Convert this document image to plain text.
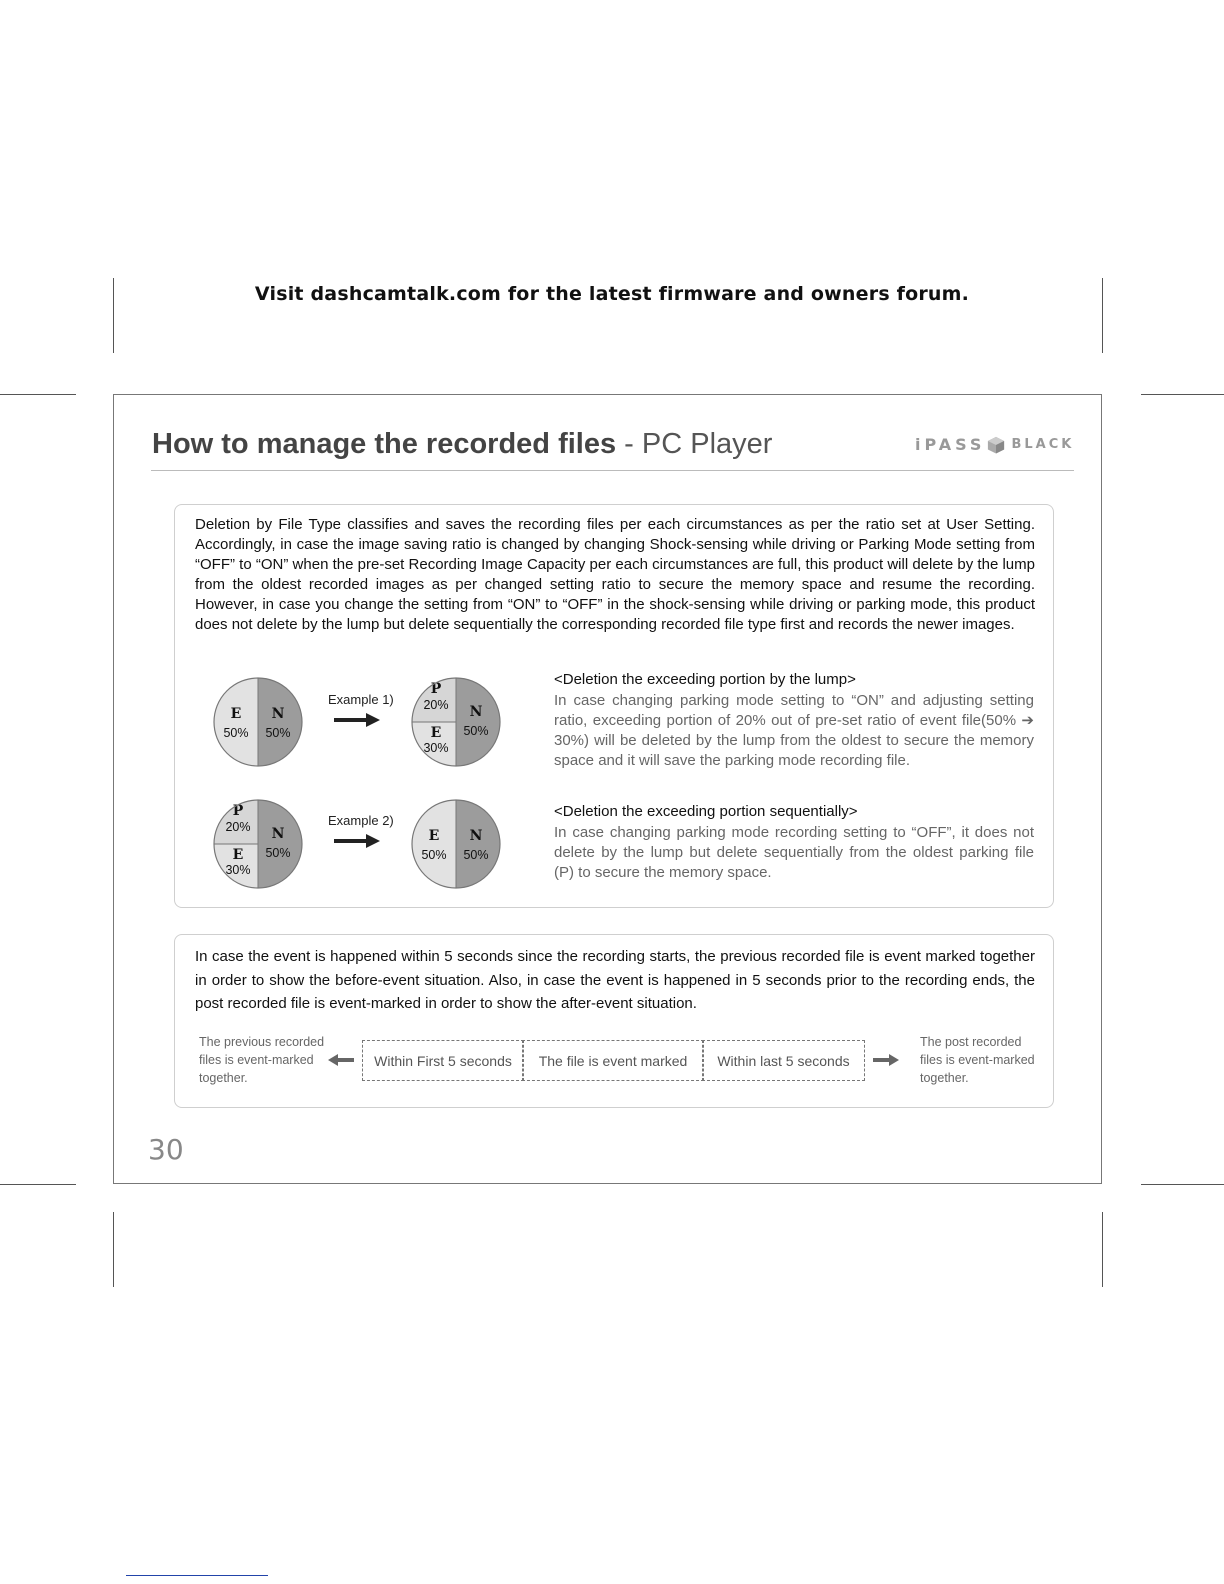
Visit dashcamtalk.com for the latest firmware and owners forum.
How to manage the recorded files - PC Player	iPASS BLACK
Deletion by File Type classifies and saves the recording files per each circumstances as per the ratio set at User Setting. Accordingly, in case the image saving ratio is changed by changing Shock-sensing while driving or Parking Mode setting from “OFF” to “ON” when the pre-set Recording Image Capacity per each circumstances are full, this product will delete by the lump from the oldest recorded images as per changed setting ratio to secure the memory space and resume the recording. However, in case you change the setting from “ON” to “OFF” in the shock-sensing while driving or parking mode, this product does not delete by the lump but delete sequentially the corresponding recorded file type first and records the newer images.
E
50%
N
50%
Example 1)
P
20%
E
30%
N
50%
<Deletion the exceeding portion by the lump>
In case changing parking mode setting to “ON” and adjusting setting ratio, exceeding portion of 20% out of pre-set ratio of event file(50% ➔ 30%) will be deleted by the lump from the oldest to secure the memory space and it will save the parking mode recording file.
P
20%
E
30%
N
50%
Example 2)
E
50%
N
50%
<Deletion the exceeding portion sequentially>
In case changing parking mode recording setting to “OFF”, it does not delete by the lump but delete sequentially from the oldest parking file (P) to secure the memory space.
In case the event is happened within 5 seconds since the recording starts, the previous recorded file is event marked together in order to show the before-event situation. Also, in case the event is happened in 5 seconds prior to the recording ends, the post recorded file is event-marked in order to show the after-event situation.
The previous recorded
files is event-marked
together.
Within First 5 seconds	The file is event marked	Within last 5 seconds
The post recorded
files is event-marked
together.
30
